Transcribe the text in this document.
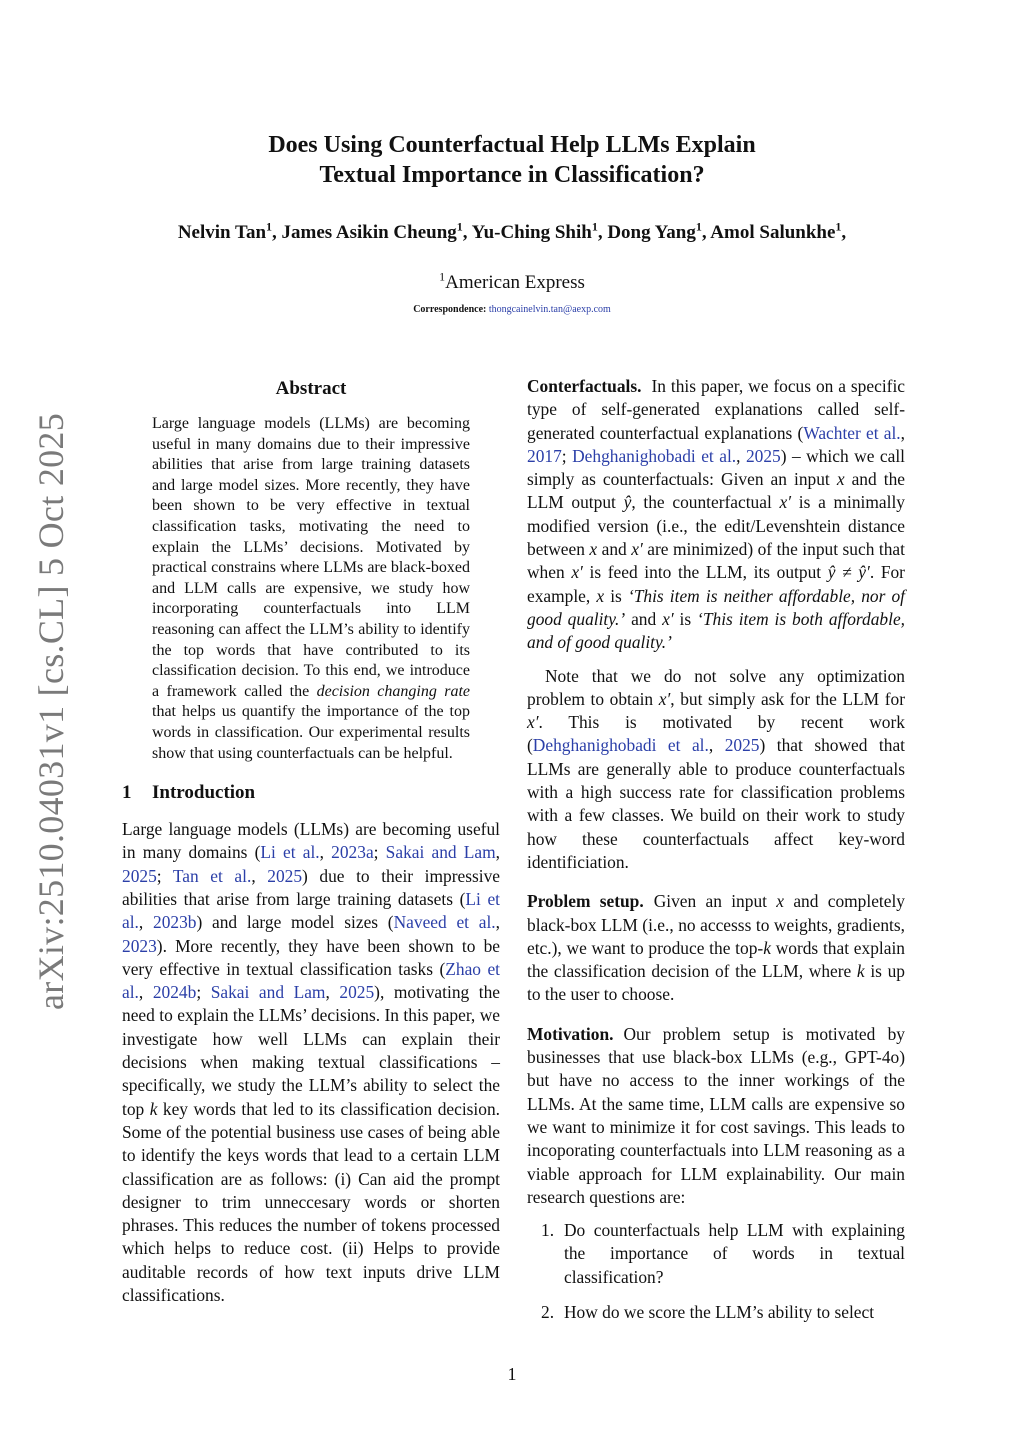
Does Using Counterfactual Help LLMs Explain
Textual Importance in Classification?
Nelvin Tan$^1$, James Asikin Cheung$^1$, Yu-Ching Shih$^1$, Dong Yang$^1$, Amol Salunkhe$^1$,
$^1$American Express
Correspondence: thongcainelvin.tan@aexp.com
arXiv:2510.04031v1 [cs.CL] 5 Oct 2025
Abstract
Large language models (LLMs) are becoming useful in many domains due to their impressive abilities that arise from large training datasets and large model sizes. More recently, they have been shown to be very effective in textual classification tasks, motivating the need to explain the LLMs’ decisions. Motivated by practical constrains where LLMs are black-boxed and LLM calls are expensive, we study how incorporating counterfactuals into LLM reasoning can affect the LLM’s ability to identify the top words that have contributed to its classification decision. To this end, we introduce a framework called the decision changing rate that helps us quantify the importance of the top words in classification. Our experimental results show that using counterfactuals can be helpful.
1 Introduction
Large language models (LLMs) are becoming useful in many domains (Li et al., 2023a; Sakai and Lam, 2025; Tan et al., 2025) due to their impressive abilities that arise from large training datasets (Li et al., 2023b) and large model sizes (Naveed et al., 2023). More recently, they have been shown to be very effective in textual classification tasks (Zhao et al., 2024b; Sakai and Lam, 2025), motivating the need to explain the LLMs’ decisions. In this paper, we investigate how well LLMs can explain their decisions when making textual classifications – specifically, we study the LLM’s ability to select the top k key words that led to its classification decision. Some of the potential business use cases of being able to identify the keys words that lead to a certain LLM classification are as follows: (i) Can aid the prompt designer to trim unneccesary words or shorten phrases. This reduces the number of tokens processed which helps to reduce cost. (ii) Helps to provide auditable records of how text inputs drive LLM classifications.
Conterfactuals. In this paper, we focus on a specific type of self-generated explanations called self-generated counterfactual explanations (Wachter et al., 2017; Dehghanighobadi et al., 2025) – which we call simply as counterfactuals: Given an input x and the LLM output ŷ, the counterfactual x′ is a minimally modified version (i.e., the edit/Levenshtein distance between x and x′ are minimized) of the input such that when x′ is feed into the LLM, its output ŷ ≠ ŷ′. For example, x is ‘This item is neither affordable, nor of good quality.’ and x′ is ‘This item is both affordable, and of good quality.’
Note that we do not solve any optimization problem to obtain x′, but simply ask for the LLM for x′. This is motivated by recent work (Dehghanighobadi et al., 2025) that showed that LLMs are generally able to produce counterfactuals with a high success rate for classification problems with a few classes. We build on their work to study how these counterfactuals affect key-word identificiation.
Problem setup. Given an input x and completely black-box LLM (i.e., no accesss to weights, gradients, etc.), we want to produce the top-k words that explain the classification decision of the LLM, where k is up to the user to choose.
Motivation. Our problem setup is motivated by businesses that use black-box LLMs (e.g., GPT-4o) but have no access to the inner workings of the LLMs. At the same time, LLM calls are expensive so we want to minimize it for cost savings. This leads to incoporating counterfactuals into LLM reasoning as a viable approach for LLM explainability. Our main research questions are:
1. Do counterfactuals help LLM with explaining the importance of words in textual classification?
2. How do we score the LLM’s ability to select
1
